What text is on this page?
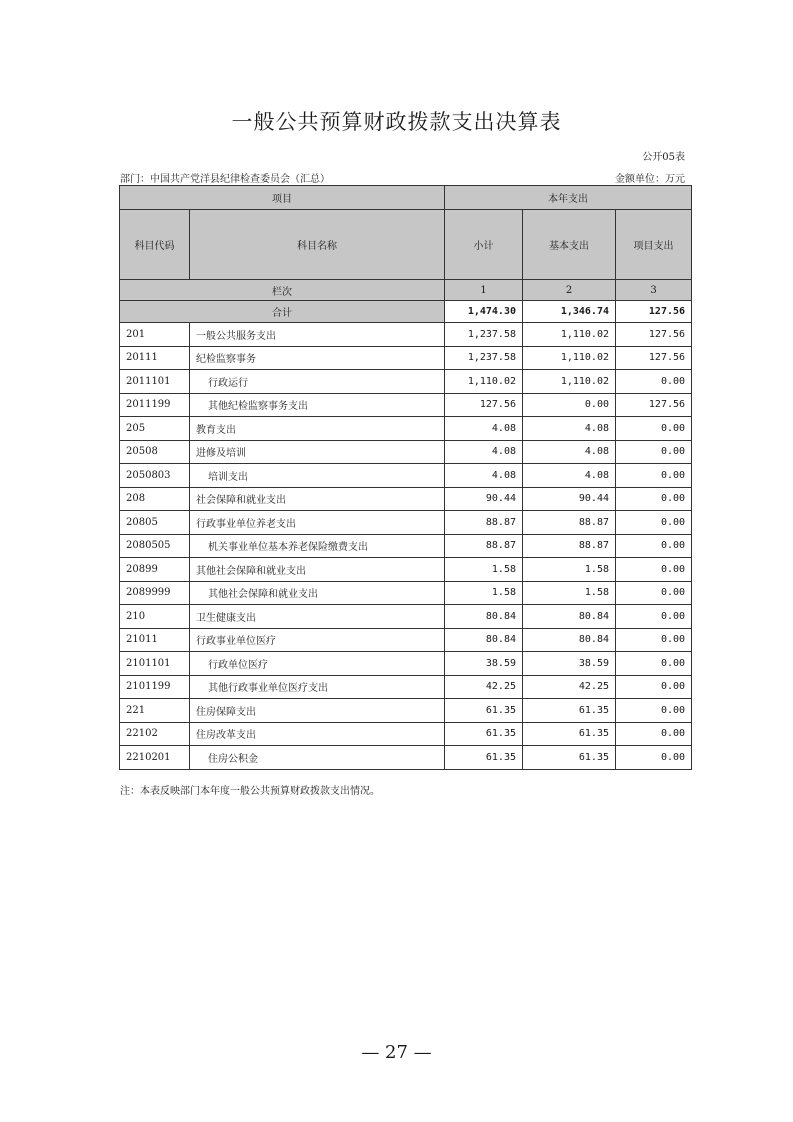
一般公共预算财政拨款支出决算表
公开05表
部门：中国共产党洋县纪律检查委员会（汇总）	金额单位：万元
项目		本年支出		
科目代码	科目名称	小计	基本支出	项目支出
栏次		1	2	3
合计		1,474.30	1,346.74	127.56
201	一般公共服务支出	1,237.58	1,110.02	127.56
20111	纪检监察事务	1,237.58	1,110.02	127.56
2011101	行政运行	1,110.02	1,110.02	0.00
2011199	其他纪检监察事务支出	127.56	0.00	127.56
205	教育支出	4.08	4.08	0.00
20508	进修及培训	4.08	4.08	0.00
2050803	培训支出	4.08	4.08	0.00
208	社会保障和就业支出	90.44	90.44	0.00
20805	行政事业单位养老支出	88.87	88.87	0.00
2080505	机关事业单位基本养老保险缴费支出	88.87	88.87	0.00
20899	其他社会保障和就业支出	1.58	1.58	0.00
2089999	其他社会保障和就业支出	1.58	1.58	0.00
210	卫生健康支出	80.84	80.84	0.00
21011	行政事业单位医疗	80.84	80.84	0.00
2101101	行政单位医疗	38.59	38.59	0.00
2101199	其他行政事业单位医疗支出	42.25	42.25	0.00
221	住房保障支出	61.35	61.35	0.00
22102	住房改革支出	61.35	61.35	0.00
2210201	住房公积金	61.35	61.35	0.00
注：本表反映部门本年度一般公共预算财政拨款支出情况。
— 27 —
